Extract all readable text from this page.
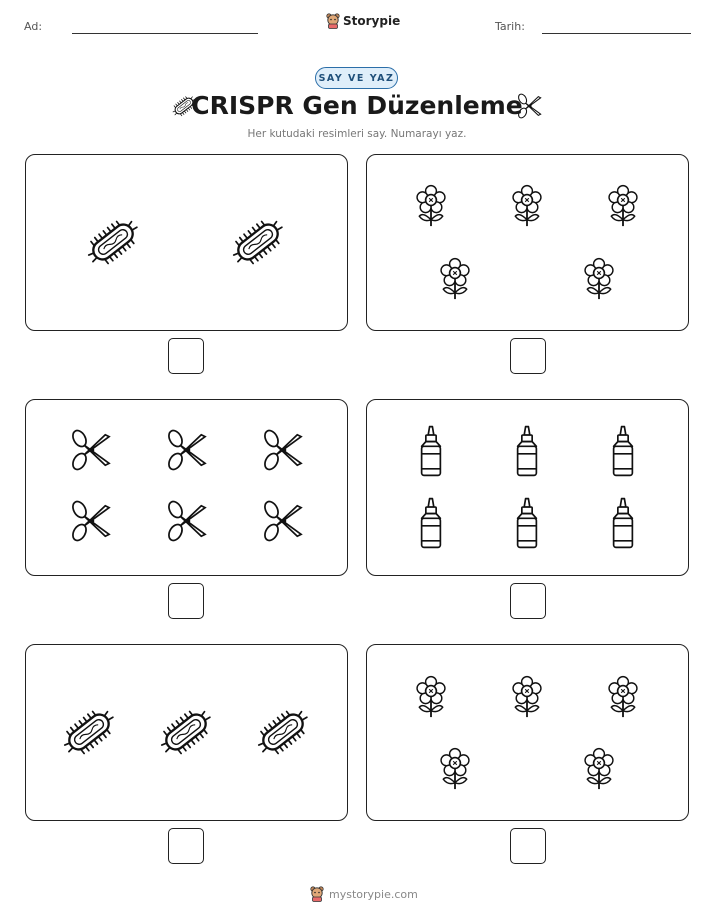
Ad:	Storypie	Tarih:
SAY VE YAZ
CRISPR Gen Düzenleme
Her kutudaki resimleri say. Numarayı yaz.
mystorypie.com
